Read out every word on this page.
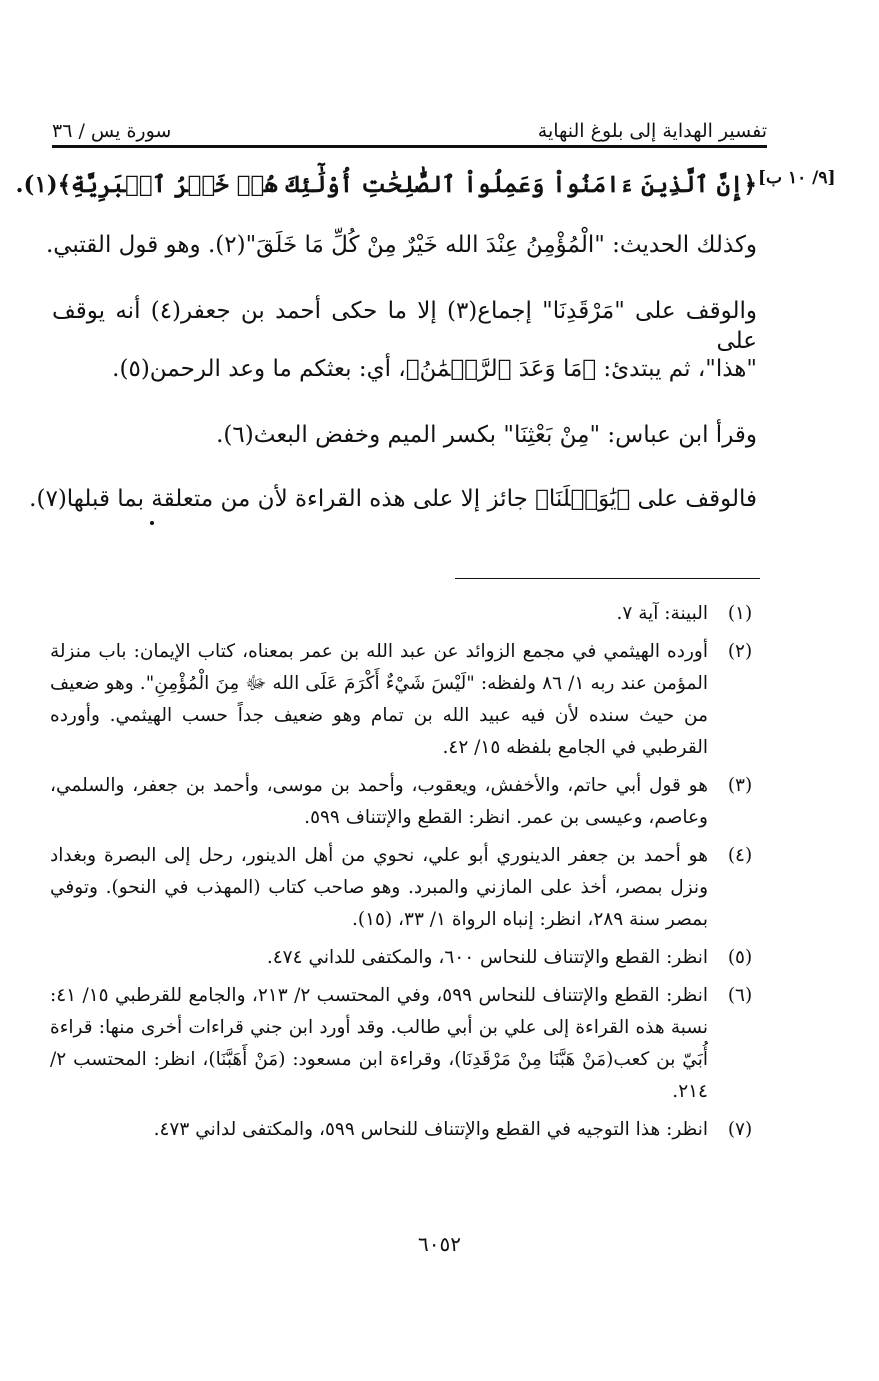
تفسير الهداية إلى بلوغ النهاية
سورة يس / ٣٦
[٩/ ١٠ ب]
﴿إِنَّ ٱلَّذِينَ ءَامَنُواْ وَعَمِلُواْ ٱلصَّٰلِحَٰتِ أُوْلَٰٓئِكَ هُمۡ خَيۡرُ ٱلۡبَرِيَّةِ﴾(١).
وكذلك الحديث: "الْمُؤْمِنُ عِنْدَ الله خَيْرٌ مِنْ كُلِّ مَا خَلَقَ"(٢). وهو قول القتبي.
والوقف على "مَرْقَدِنَا" إجماع(٣) إلا ما حكى أحمد بن جعفر(٤) أنه يوقف على
"هذا"، ثم يبتدئ: ﴿مَا وَعَدَ ٱلرَّحۡمَٰنُ﴾، أي: بعثكم ما وعد الرحمن(٥).
وقرأ ابن عباس: "مِنْ بَعْثِنَا" بكسر الميم وخفض البعث(٦).
فالوقف على ﴿يَٰوَيۡلَنَا﴾ جائز إلا على هذه القراءة لأن من متعلقة بما قبلها(٧).
(١)
البينة: آية ٧.
(٢)
أورده الهيثمي في مجمع الزوائد عن عبد الله بن عمر بمعناه، كتاب الإيمان: باب منزلة المؤمن عند ربه ١/ ٨٦ ولفظه: "لَيْسَ شَيْءٌ أَكْرَمَ عَلَى الله ﷻ مِنَ الْمُؤْمِنِ". وهو ضعيف من حيث سنده لأن فيه عبيد الله بن تمام وهو ضعيف جداً حسب الهيثمي. وأورده القرطبي في الجامع بلفظه ١٥/ ٤٢.
(٣)
هو قول أبي حاتم، والأخفش، ويعقوب، وأحمد بن موسى، وأحمد بن جعفر، والسلمي، وعاصم، وعيسى بن عمر. انظر: القطع والإتتناف ٥٩٩.
(٤)
هو أحمد بن جعفر الدينوري أبو علي، نحوي من أهل الدينور، رحل إلى البصرة وبغداد ونزل بمصر، أخذ على المازني والمبرد. وهو صاحب كتاب (المهذب في النحو). وتوفي بمصر سنة ٢٨٩، انظر: إنباه الرواة ١/ ٣٣، (١٥).
(٥)
انظر: القطع والإتتناف للنحاس ٦٠٠، والمكتفى للداني ٤٧٤.
(٦)
انظر: القطع والإتتناف للنحاس ٥٩٩، وفي المحتسب ٢/ ٢١٣، والجامع للقرطبي ١٥/ ٤١: نسبة هذه القراءة إلى علي بن أبي طالب. وقد أورد ابن جني قراءات أخرى منها: قراءة أُبَيّ بن كعب(مَنْ هَبَّنَا مِنْ مَرْقَدِنَا)، وقراءة ابن مسعود: (مَنْ أَهَبَّنَا)، انظر: المحتسب ٢/ ٢١٤.
(٧)
انظر: هذا التوجيه في القطع والإتتناف للنحاس ٥٩٩، والمكتفى لداني ٤٧٣.
٦٠٥٢
